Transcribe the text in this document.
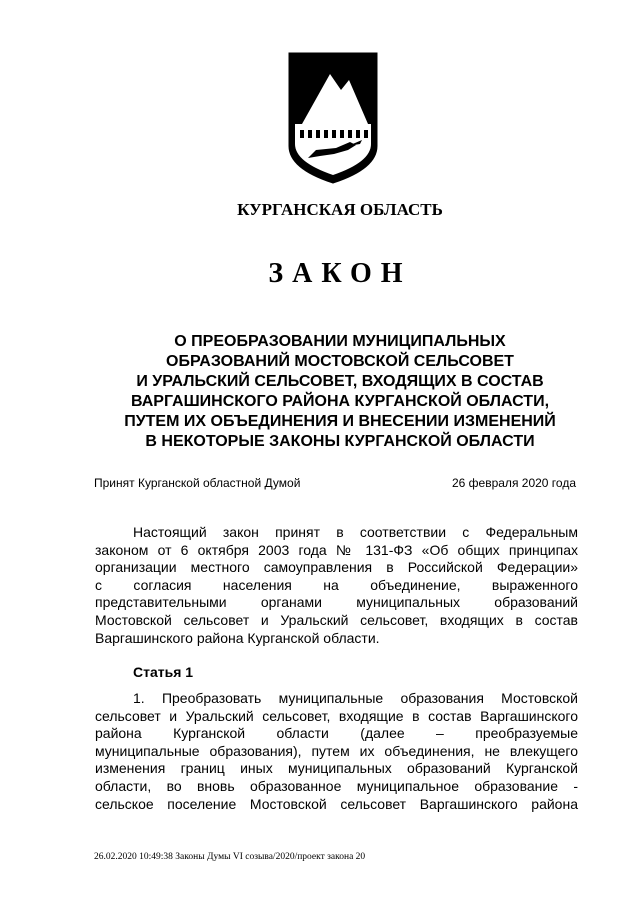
КУРГАНСКАЯ ОБЛАСТЬ
ЗАКОН
О ПРЕОБРАЗОВАНИИ МУНИЦИПАЛЬНЫХ
ОБРАЗОВАНИЙ МОСТОВСКОЙ СЕЛЬСОВЕТ
И УРАЛЬСКИЙ СЕЛЬСОВЕТ, ВХОДЯЩИХ В СОСТАВ
ВАРГАШИНСКОГО РАЙОНА КУРГАНСКОЙ ОБЛАСТИ,
ПУТЕМ ИХ ОБЪЕДИНЕНИЯ И ВНЕСЕНИИ ИЗМЕНЕНИЙ
В НЕКОТОРЫЕ ЗАКОНЫ КУРГАНСКОЙ ОБЛАСТИ
Принят Курганской областной Думой	26 февраля 2020 года
Настоящий закон принят в соответствии с Федеральным
законом от 6 октября 2003 года № 131-ФЗ «Об общих принципах
организации местного самоуправления в Российской Федерации»
с согласия населения на объединение, выраженного
представительными органами муниципальных образований
Мостовской сельсовет и Уральский сельсовет, входящих в состав
Варгашинского района Курганской области.
Статья 1
1. Преобразовать муниципальные образования Мостовской
сельсовет и Уральский сельсовет, входящие в состав Варгашинского
района Курганской области (далее – преобразуемые
муниципальные образования), путем их объединения, не влекущего
изменения границ иных муниципальных образований Курганской
области, во вновь образованное муниципальное образование -
сельское поселение Мостовской сельсовет Варгашинского района
26.02.2020 10:49:38 Законы Думы VI созыва/2020/проект закона 20
